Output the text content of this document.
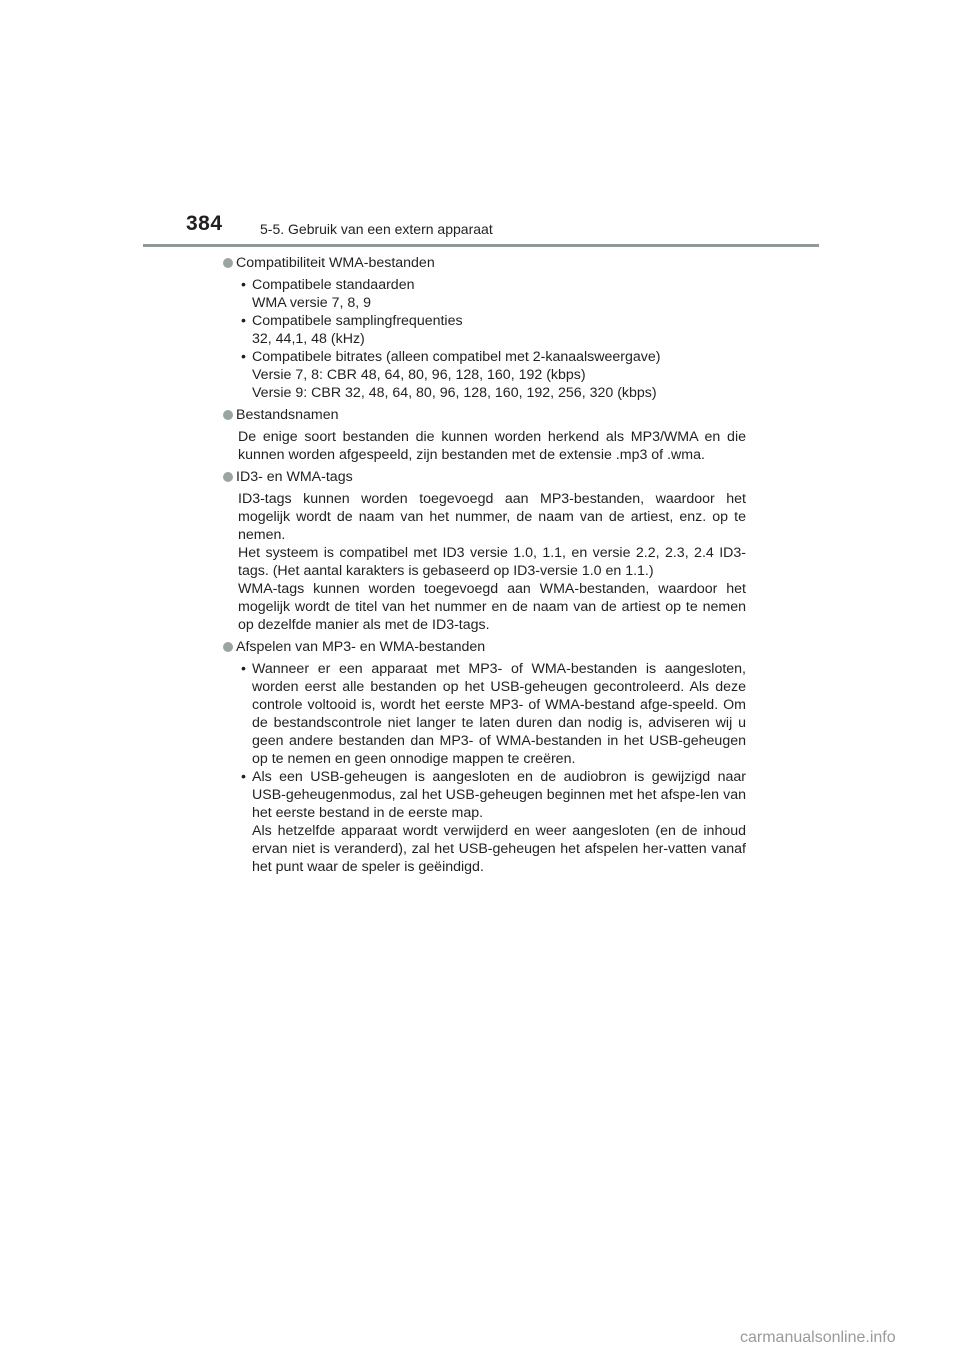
384	5-5. Gebruik van een extern apparaat
Compatibiliteit WMA-bestanden
• Compatibele standaarden
WMA versie 7, 8, 9
• Compatibele samplingfrequenties
32, 44,1, 48 (kHz)
• Compatibele bitrates (alleen compatibel met 2-kanaalsweergave)
Versie 7, 8: CBR 48, 64, 80, 96, 128, 160, 192 (kbps)
Versie 9: CBR 32, 48, 64, 80, 96, 128, 160, 192, 256, 320 (kbps)
Bestandsnamen

De enige soort bestanden die kunnen worden herkend als MP3/WMA en die kunnen worden afgespeeld, zijn bestanden met de extensie .mp3 of .wma.

ID3- en WMA-tags

ID3-tags kunnen worden toegevoegd aan MP3-bestanden, waardoor het mogelijk wordt de naam van het nummer, de naam van de artiest, enz. op te nemen.

Het systeem is compatibel met ID3 versie 1.0, 1.1, en versie 2.2, 2.3, 2.4 ID3-tags. (Het aantal karakters is gebaseerd op ID3-versie 1.0 en 1.1.)

WMA-tags kunnen worden toegevoegd aan WMA-bestanden, waardoor het mogelijk wordt de titel van het nummer en de naam van de artiest op te nemen op dezelfde manier als met de ID3-tags.

Afspelen van MP3- en WMA-bestanden
• Wanneer er een apparaat met MP3- of WMA-bestanden is aangesloten, worden eerst alle bestanden op het USB-geheugen gecontroleerd. Als deze controle voltooid is, wordt het eerste MP3- of WMA-bestand afge-speeld. Om de bestandscontrole niet langer te laten duren dan nodig is, adviseren wij u geen andere bestanden dan MP3- of WMA-bestanden in het USB-geheugen op te nemen en geen onnodige mappen te creëren.
• Als een USB-geheugen is aangesloten en de audiobron is gewijzigd naar USB-geheugenmodus, zal het USB-geheugen beginnen met het afspe-len van het eerste bestand in de eerste map.
Als hetzelfde apparaat wordt verwijderd en weer aangesloten (en de inhoud ervan niet is veranderd), zal het USB-geheugen het afspelen her-vatten vanaf het punt waar de speler is geëindigd.
carmanualsonline.info
